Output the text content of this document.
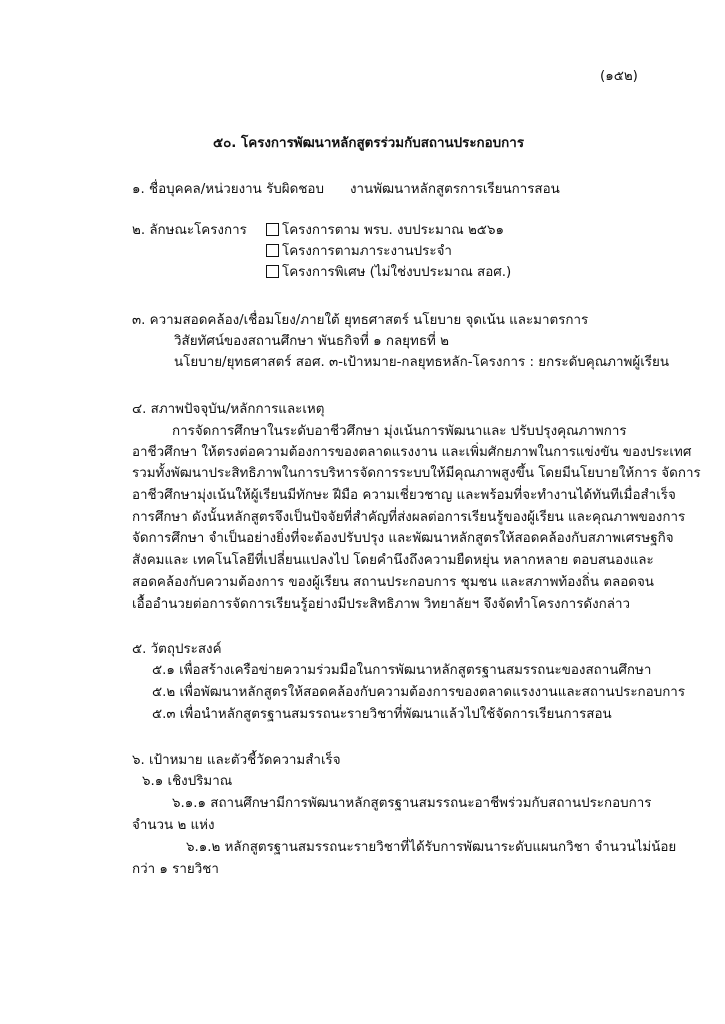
(๑๕๒)
๕๐. โครงการพัฒนาหลักสูตรร่วมกับสถานประกอบการ
๑. ชื่อบุคคล/หน่วยงาน รับผิดชอบ งานพัฒนาหลักสูตรการเรียนการสอน
๒. ลักษณะโครงการ	โครงการตาม พรบ. งบประมาณ ๒๕๖๑
โครงการตามภาระงานประจำ
โครงการพิเศษ (ไม่ใช่งบประมาณ สอศ.)
๓. ความสอดคล้อง/เชื่อมโยง/ภายใต้ ยุทธศาสตร์ นโยบาย จุดเน้น และมาตรการ
วิสัยทัศน์ของสถานศึกษา พันธกิจที่ ๑ กลยุทธที่ ๒
นโยบาย/ยุทธศาสตร์ สอศ. ๓-เป้าหมาย-กลยุทธหลัก-โครงการ : ยกระดับคุณภาพผู้เรียน
๔. สภาพปัจจุบัน/หลักการและเหตุ
การจัดการศึกษาในระดับอาชีวศึกษา มุ่งเน้นการพัฒนาและ ปรับปรุงคุณภาพการ
อาชีวศึกษา ให้ตรงต่อความต้องการของตลาดแรงงาน และเพิ่มศักยภาพในการแข่งขัน ของประเทศ
รวมทั้งพัฒนาประสิทธิภาพในการบริหารจัดการระบบให้มีคุณภาพสูงขึ้น โดยมีนโยบายให้การ จัดการ
อาชีวศึกษามุ่งเน้นให้ผู้เรียนมีทักษะ ฝีมือ ความเชี่ยวชาญ และพร้อมที่จะทำงานได้ทันทีเมื่อสำเร็จ
การศึกษา ดังนั้นหลักสูตรจึงเป็นปัจจัยที่สำคัญที่ส่งผลต่อการเรียนรู้ของผู้เรียน และคุณภาพของการ
จัดการศึกษา จำเป็นอย่างยิ่งที่จะต้องปรับปรุง และพัฒนาหลักสูตรให้สอดคล้องกับสภาพเศรษฐกิจ
สังคมและ เทคโนโลยีที่เปลี่ยนแปลงไป โดยคำนึงถึงความยืดหยุ่น หลากหลาย ตอบสนองและ
สอดคล้องกับความต้องการ ของผู้เรียน สถานประกอบการ ชุมชน และสภาพท้องถิ่น ตลอดจน
เอื้ออำนวยต่อการจัดการเรียนรู้อย่างมีประสิทธิภาพ วิทยาลัยฯ จึงจัดทำโครงการดังกล่าว
๕. วัตถุประสงค์
๕.๑ เพื่อสร้างเครือข่ายความร่วมมือในการพัฒนาหลักสูตรฐานสมรรถนะของสถานศึกษา
๕.๒ เพื่อพัฒนาหลักสูตรให้สอดคล้องกับความต้องการของตลาดแรงงานและสถานประกอบการ
๕.๓ เพื่อนำหลักสูตรฐานสมรรถนะรายวิชาที่พัฒนาแล้วไปใช้จัดการเรียนการสอน
๖. เป้าหมาย และตัวชี้วัดความสำเร็จ
๖.๑ เชิงปริมาณ
๖.๑.๑ สถานศึกษามีการพัฒนาหลักสูตรฐานสมรรถนะอาชีพร่วมกับสถานประกอบการ
จำนวน ๒ แห่ง
๖.๑.๒ หลักสูตรฐานสมรรถนะรายวิชาที่ได้รับการพัฒนาระดับแผนกวิชา จำนวนไม่น้อย
กว่า ๑ รายวิชา
